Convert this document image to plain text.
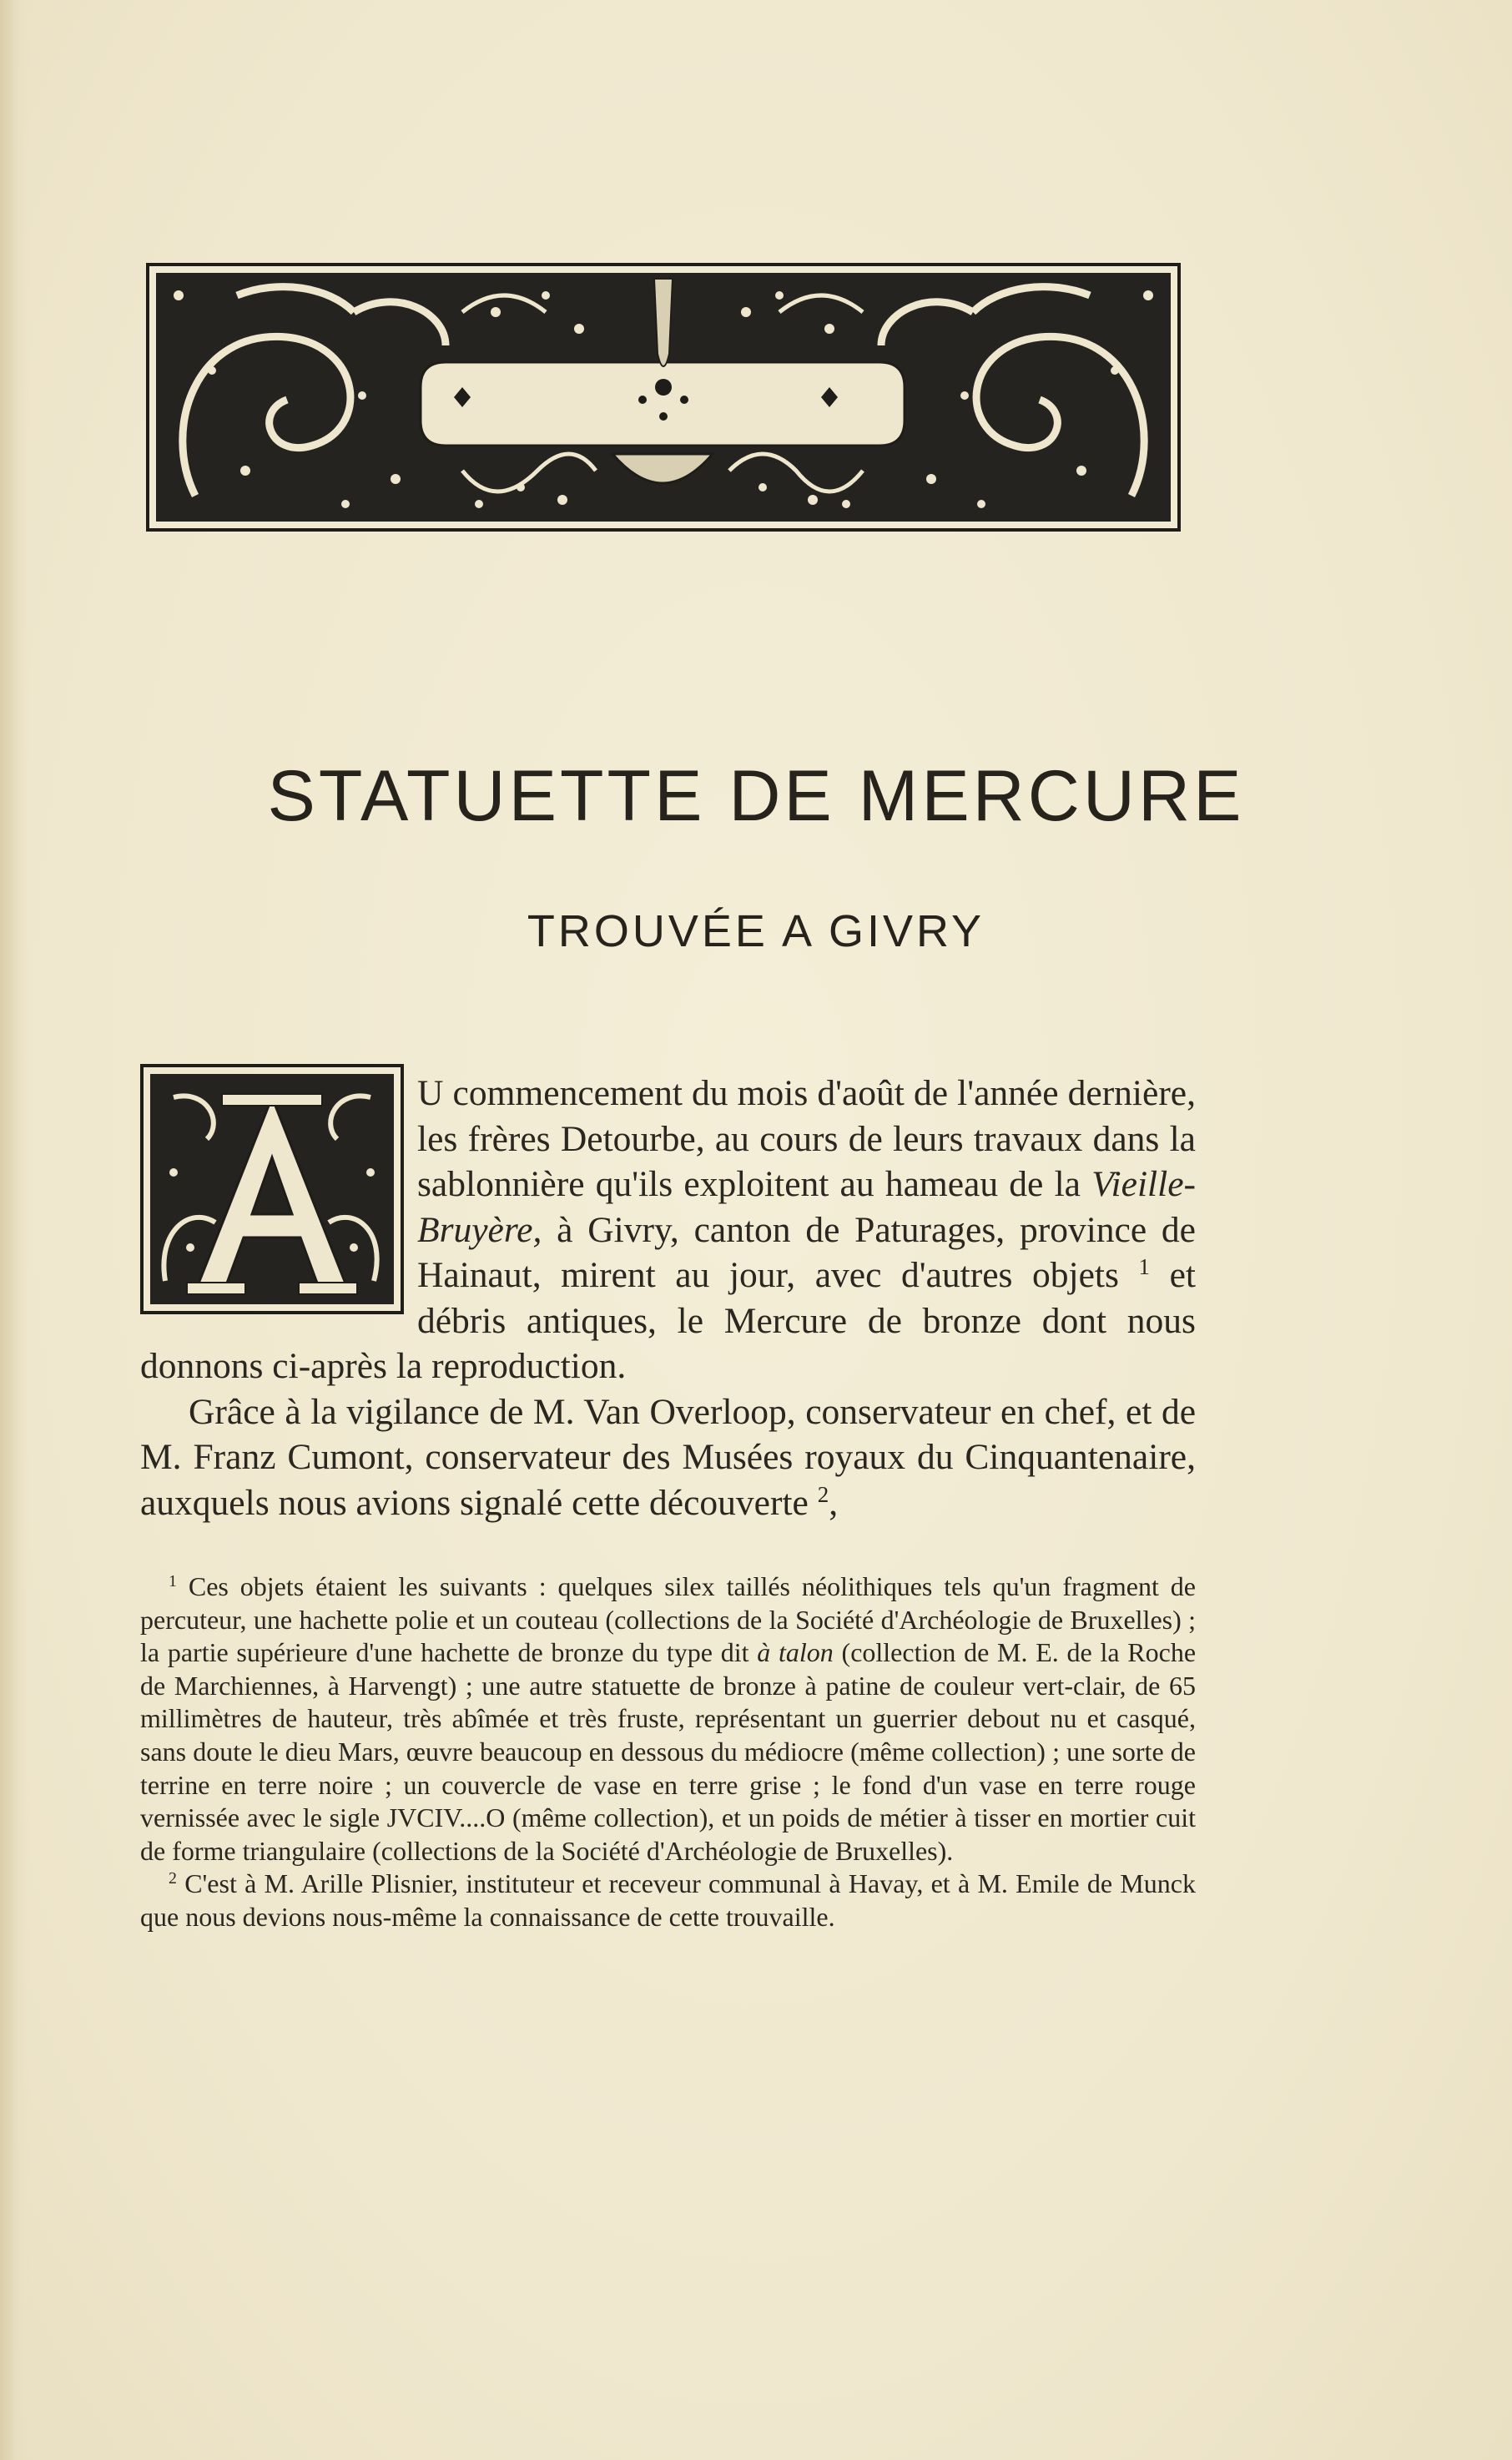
STATUETTE DE MERCURE
TROUVÉE A GIVRY

U commencement du mois d'août de l'année dernière, les frères Detourbe, au cours de leurs travaux dans la sablonnière qu'ils exploitent au hameau de la Vieille-Bruyère, à Givry, canton de Paturages, province de Hainaut, mirent au jour, avec d'autres objets $^1$ et débris antiques, le Mercure de bronze dont nous donnons ci-après la reproduction.

Grâce à la vigilance de M. Van Overloop, conservateur en chef, et de M. Franz Cumont, conservateur des Musées royaux du Cinquantenaire, auxquels nous avions signalé cette découverte $^2$,

$^1$ Ces objets étaient les suivants : quelques silex taillés néolithiques tels qu'un fragment de percuteur, une hachette polie et un couteau (collections de la Société d'Archéologie de Bruxelles) ; la partie supérieure d'une hachette de bronze du type dit à talon (collection de M. E. de la Roche de Marchiennes, à Harvengt) ; une autre statuette de bronze à patine de couleur vert-clair, de 65 millimètres de hauteur, très abîmée et très fruste, représentant un guerrier debout nu et casqué, sans doute le dieu Mars, œuvre beaucoup en dessous du médiocre (même collection) ; une sorte de terrine en terre noire ; un couvercle de vase en terre grise ; le fond d'un vase en terre rouge vernissée avec le sigle JVCIV....O (même collection), et un poids de métier à tisser en mortier cuit de forme triangulaire (collections de la Société d'Archéologie de Bruxelles).

$^2$ C'est à M. Arille Plisnier, instituteur et receveur communal à Havay, et à M. Emile de Munck que nous devions nous-même la connaissance de cette trouvaille.
